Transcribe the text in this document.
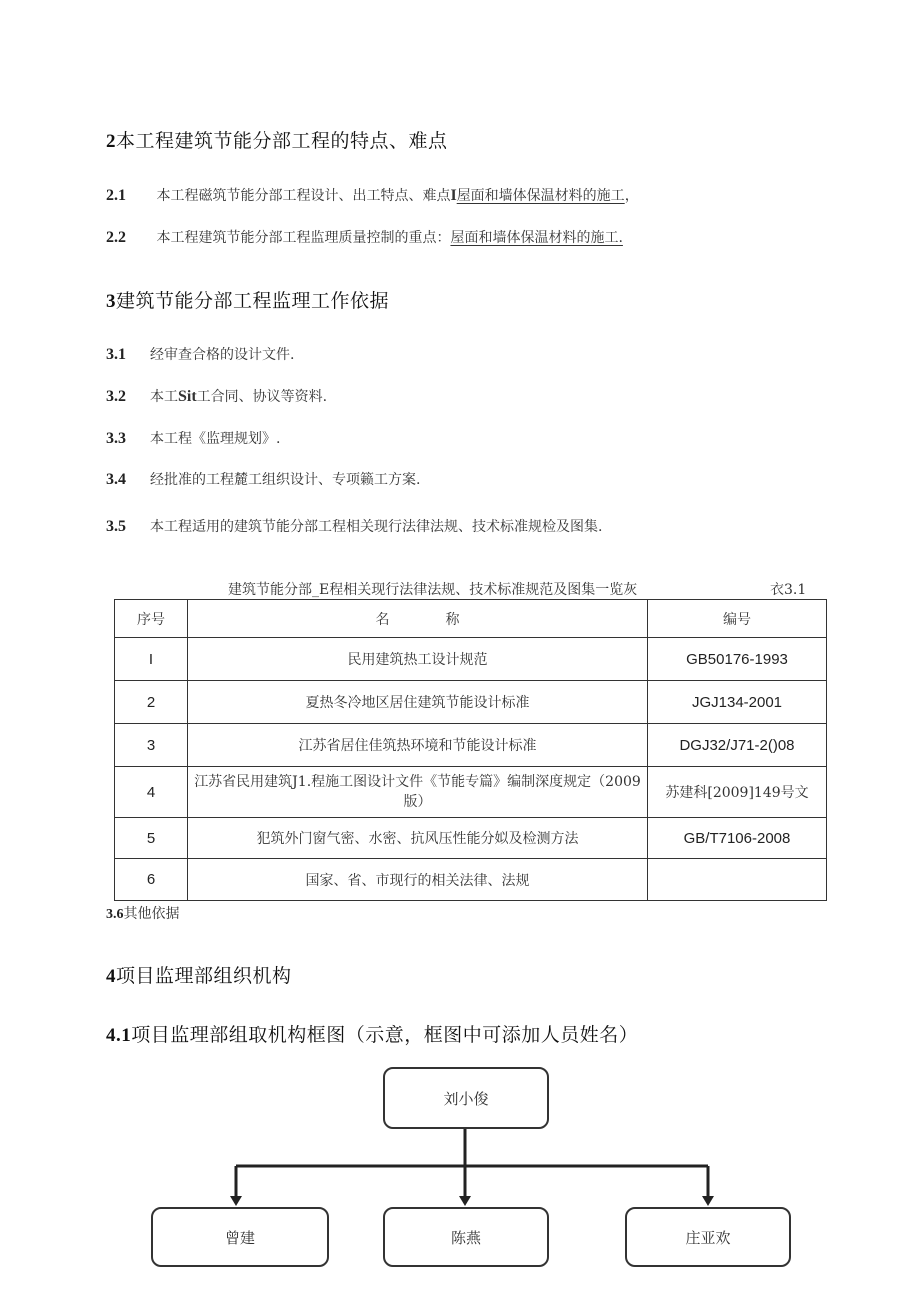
2本工程建筑节能分部工程的特点、难点
2.1 本工程磁筑节能分部工程设计、出工特点、难点I屋面和墙体保温材料的施工，
2.2 本工程建筑节能分部工程监理质量控制的重点：屋面和墙体保温材料的施工.
3建筑节能分部工程监理工作依据
3.1 经审查合格的设计文件.
3.2 本工Sit工合同、协议等资料.
3.3 本工程《监理规划》.
3.4 经批准的工程麓工组织设计、专项籁工方案.
3.5 本工程适用的建筑节能分部工程相关现行法律法规、技术标准规检及图集.
建筑节能分部_E程相关现行法律法规、技术标准规范及图集一览灰	衣3.1
序号	名　　　　称	编号
I	民用建筑热工设计规范	GB50176-1993
2	夏热冬冷地区居住建筑节能设计标准	JGJ134-2001
3	江苏省居住佳筑热环境和节能设计标准	DGJ32/J71-2()08
4	江苏省民用建筑J1.程施工图设计文件《节能专篇》编制深度规定（2009版）	苏建科[2009]149号文
5	犯筑外门窗气密、水密、抗风压性能分姒及检测方法	GB/T7106-2008
6	国家、省、市现行的相关法律、法规	
3.6其他依据
4项目监理部组织机构
4.1项目监理部组取机构框图（示意，框图中可添加人员姓名）
刘小俊
曾建	陈燕	庄亚欢
